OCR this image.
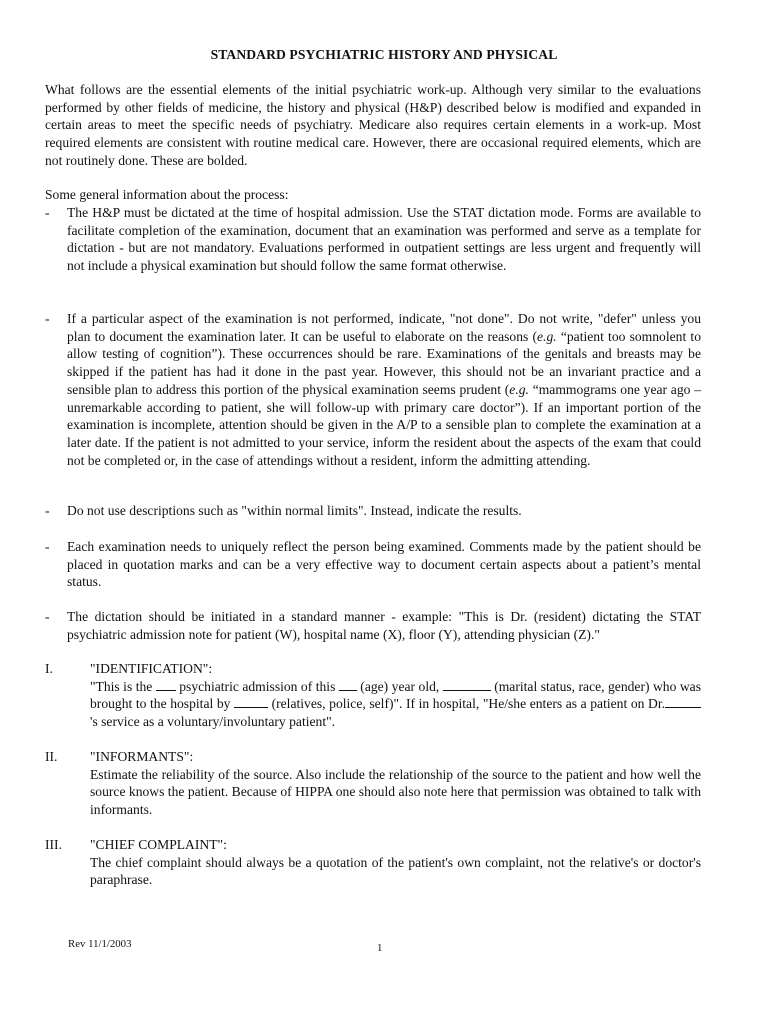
STANDARD PSYCHIATRIC HISTORY AND PHYSICAL

What follows are the essential elements of the initial psychiatric work-up. Although very similar to the evaluations performed by other fields of medicine, the history and physical (H&P) described below is modified and expanded in certain areas to meet the specific needs of psychiatry. Medicare also requires certain elements in a work-up. Most required elements are consistent with routine medical care. However, there are occasional required elements, which are not routinely done. These are bolded.

Some general information about the process:

-	The H&P must be dictated at the time of hospital admission. Use the STAT dictation mode. Forms are available to facilitate completion of the examination, document that an examination was performed and serve as a template for dictation - but are not mandatory. Evaluations performed in outpatient settings are less urgent and frequently will not include a physical examination but should follow the same format otherwise.
-	If a particular aspect of the examination is not performed, indicate, "not done". Do not write, "defer" unless you plan to document the examination later. It can be useful to elaborate on the reasons (e.g. “patient too somnolent to allow testing of cognition”). These occurrences should be rare. Examinations of the genitals and breasts may be skipped if the patient has had it done in the past year. However, this should not be an invariant practice and a sensible plan to address this portion of the physical examination seems prudent (e.g. “mammograms one year ago – unremarkable according to patient, she will follow-up with primary care doctor”). If an important portion of the examination is incomplete, attention should be given in the A/P to a sensible plan to complete the examination at a later date. If the patient is not admitted to your service, inform the resident about the aspects of the exam that could not be completed or, in the case of attendings without a resident, inform the admitting attending.
-	Do not use descriptions such as "within normal limits". Instead, indicate the results.
-	Each examination needs to uniquely reflect the person being examined. Comments made by the patient should be placed in quotation marks and can be a very effective way to document certain aspects about a patient’s mental status.
-	The dictation should be initiated in a standard manner - example: "This is Dr. (resident) dictating the STAT psychiatric admission note for patient (W), hospital name (X), floor (Y), attending physician (Z)."
I.	"IDENTIFICATION":
"This is the  psychiatric admission of this  (age) year old,	(marital status, race, gender) who was brought to the hospital by	(relatives, police, self)". If in hospital, "He/she enters as a patient on Dr.'s service as a voluntary/involuntary patient".
II.	"INFORMANTS":
Estimate the reliability of the source. Also include the relationship of the source to the patient and how well the source knows the patient. Because of HIPPA one should also note here that permission was obtained to talk with informants.
III.	"CHIEF COMPLAINT":
The chief complaint should always be a quotation of the patient's own complaint, not the relative's or doctor's paraphrase.
Rev 11/1/2003	1
